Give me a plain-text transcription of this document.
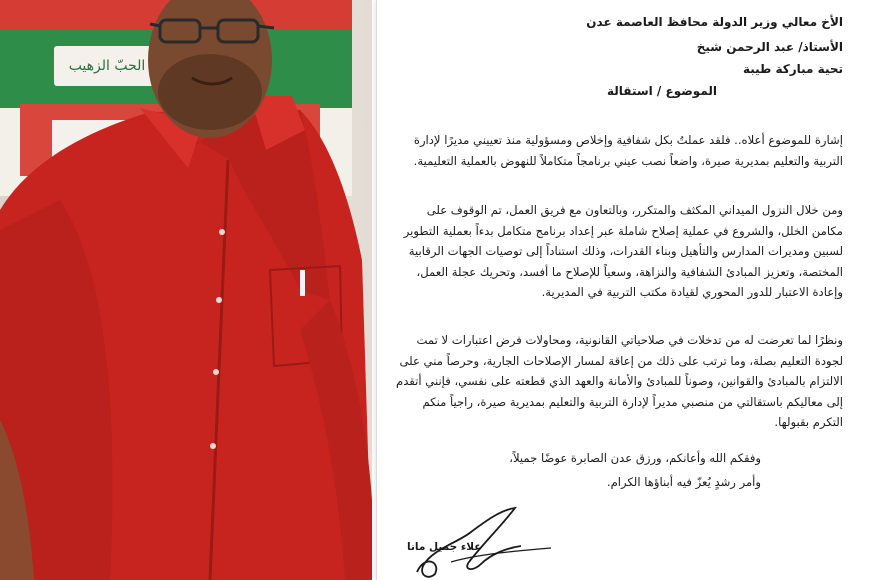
الحبّ الزهيب

الأخ معالي وزير الدولة محافظ العاصمة عدن

الأستاذ/ عبد الرحمن شيخ

تحية مباركة طيبة

الموضوع / استقالة

إشارة للموضوع أعلاه.. فلقد عملتُ بكل شفافية وإخلاص ومسؤولية منذ تعييني مديرًا لإدارة التربية والتعليم بمديرية صيرة، واضعاً نصب عيني برنامجاً متكاملاً للنهوض بالعملية التعليمية.

ومن خلال النزول الميداني المكثف والمتكرر، وبالتعاون مع فريق العمل، تم الوقوف على مكامن الخلل، والشروع في عملية إصلاح شاملة عبر إعداد برنامج متكامل بدءاً بعملية التطوير لسبين ومديرات المدارس والتأهيل وبناء القدرات، وذلك استناداً إلى توصيات الجهات الرقابية المختصة، وتعزيز المبادئ الشفافية والنزاهة، وسعياً للإصلاح ما أفسد، وتحريك عجلة العمل، وإعادة الاعتبار للدور المحوري لقيادة مكتب التربية في المديرية.

ونظرًا لما تعرضت له من تدخلات في صلاحياتي القانونية، ومحاولات فرض اعتبارات لا تمت لجودة التعليم بصلة، وما ترتب على ذلك من إعاقة لمسار الإصلاحات الجارية، وحرصاً مني على الالتزام بالمبادئ والقوانين، وصوناً للمبادئ والأمانة والعهد الذي قطعته على نفسي، فإنني أتقدم إلى معاليكم باستقالتي من منصبي مديراً لإدارة التربية والتعليم بمديرية صيرة، راجياً منكم التكرم بقبولها.

وفقكم الله وأعانكم، ورزق عدن الصابرة عوضًا جميلاً،

وأمر رشدٍ يُعزّ فيه أبناؤها الكرام.

علاء جميل مانا
